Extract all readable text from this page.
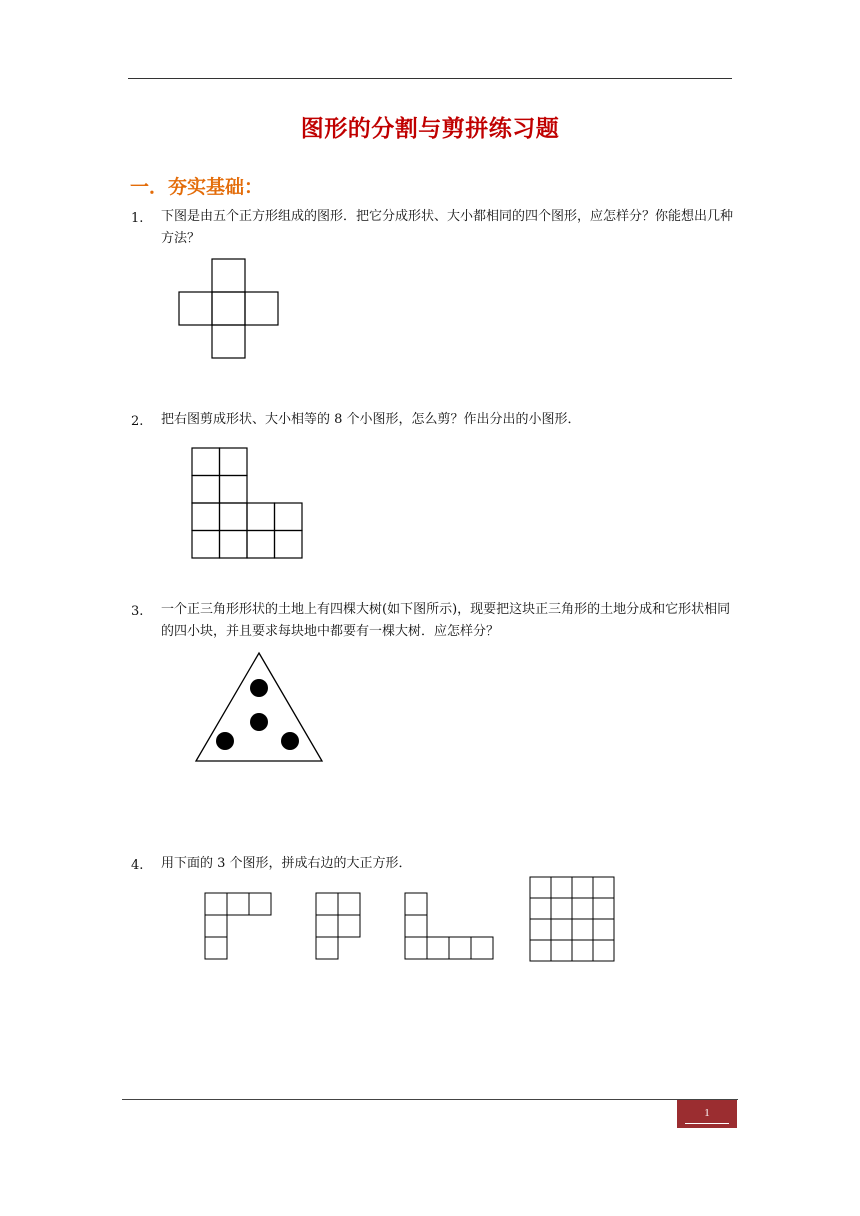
图形的分割与剪拼练习题
一．夯实基础：
1. 下图是由五个正方形组成的图形．把它分成形状、大小都相同的四个图形，应怎样分？你能想出几种方法？
2. 把右图剪成形状、大小相等的 8 个小图形，怎么剪？作出分出的小图形．
3. 一个正三角形形状的土地上有四棵大树(如下图所示)，现要把这块正三角形的土地分成和它形状相同的四小块，并且要求每块地中都要有一棵大树．应怎样分？
4. 用下面的 3 个图形，拼成右边的大正方形．
1
